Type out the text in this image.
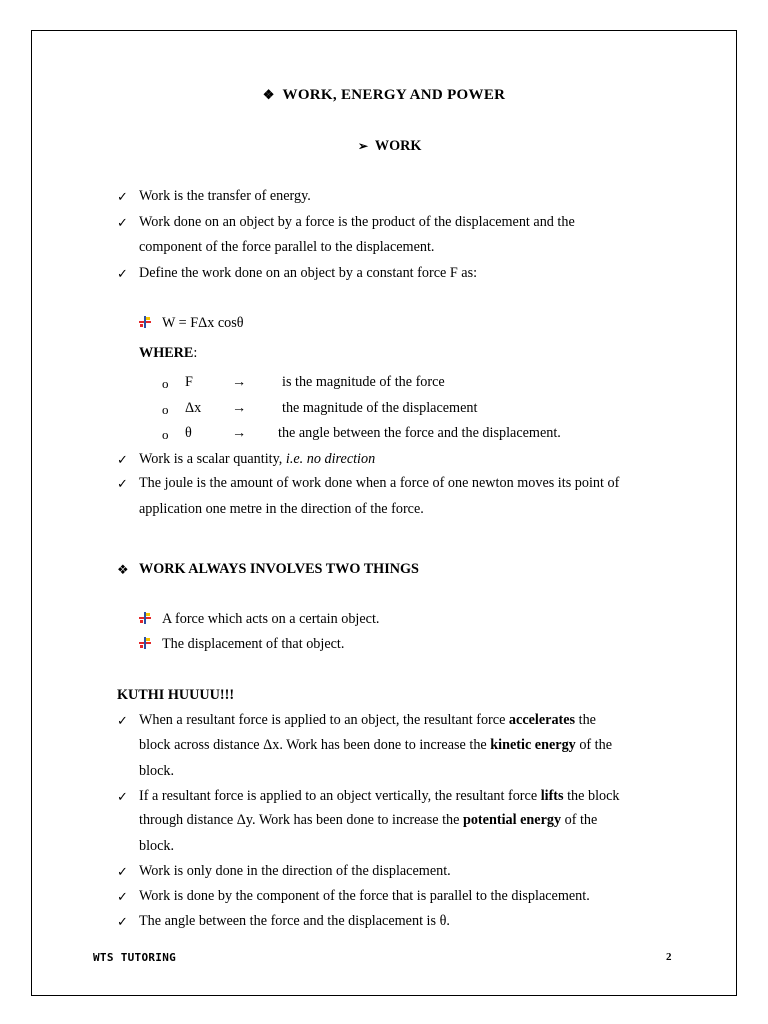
❖ WORK, ENERGY AND POWER
➢ WORK
✓ Work is the transfer of energy.
✓ Work done on an object by a force is the product of the displacement and the
component of the force parallel to the displacement.
✓ Define the work done on an object by a constant force F as:
W = FΔx cosθ
WHERE:
o F	→	is the magnitude of the force
o Δx →	the magnitude of the displacement
o θ	→ the angle between the force and the displacement.
✓ Work is a scalar quantity, i.e. no direction
✓ The joule is the amount of work done when a force of one newton moves its point of
application one metre in the direction of the force.
❖ WORK ALWAYS INVOLVES TWO THINGS
A force which acts on a certain object.
The displacement of that object.
KUTHI HUUUU!!!
✓ When a resultant force is applied to an object, the resultant force accelerates the
block across distance Δx. Work has been done to increase the kinetic energy of the
block.
✓ If a resultant force is applied to an object vertically, the resultant force lifts the block
through distance Δy. Work has been done to increase the potential energy of the
block.
✓ Work is only done in the direction of the displacement.
✓ Work is done by the component of the force that is parallel to the displacement.
✓ The angle between the force and the displacement is θ.
WTS TUTORING	2
